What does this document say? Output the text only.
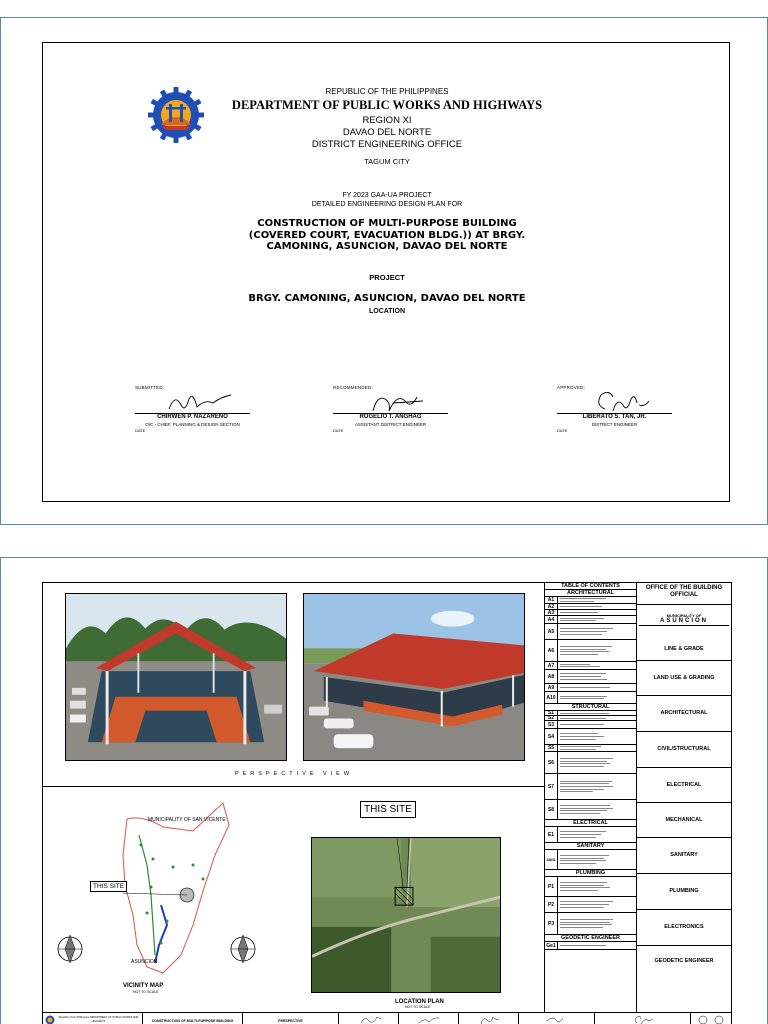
REPUBLIC OF THE PHILIPPINES
DEPARTMENT OF PUBLIC WORKS AND HIGHWAYS
REGION XI
DAVAO DEL NORTE
DISTRICT ENGINEERING OFFICE
TAGUM CITY
FY 2023 GAA-UA PROJECT
DETAILED ENGINEERING DESIGN PLAN FOR
CONSTRUCTION OF MULTI-PURPOSE BUILDING
(COVERED COURT, EVACUATION BLDG.)) AT BRGY.
CAMONING, ASUNCION, DAVAO DEL NORTE
PROJECT
BRGY. CAMONING, ASUNCION, DAVAO DEL NORTE
LOCATION
SUBMITTED:
CHIRWEN P. NAZARENO
OIC - CHIEF, PLANNING & DESIGN SECTION
DATE
RECOMMENDED:
ROGELIO T. ANGHAG
ASSISTANT DISTRICT ENGINEER
DATE
APPROVED:
LIBERATO S. TAN, JR.
DISTRICT ENGINEER
DATE
PERSPECTIVE VIEW
MUNICIPALITY OF SAN VICENTE
THIS SITE
ASUNCION
VICINITY MAP
NOT TO SCALE
THIS SITE
LOCATION PLAN
NOT TO SCALE
TABLE OF CONTENTS
ARCHITECTURAL
A1
A2
A3
A4
A5
A6
A7
A8
A9
A10
STRUCTURAL
S1
S2
S3
S4
S5
S6
S7
S8
ELECTRICAL
E1
SANITARY
SAN1
PLUMBING
P1
P2
P3
GEODETIC ENGINEER
Ge1
OFFICE OF THE BUILDING OFFICIAL
MUNICIPALITY OF
ASUNCION
LINE & GRADE
LAND USE & GRADING
ARCHITECTURAL
CIVIL/STRUCTURAL
ELECTRICAL
MECHANICAL
SANITARY
PLUMBING
ELECTRONICS
GEODETIC ENGINEER
Republic of the Philippines DEPARTMENT OF PUBLIC WORKS AND HIGHWAYS	CONSTRUCTION OF MULTI-PURPOSE BUILDING	PERSPECTIVE
